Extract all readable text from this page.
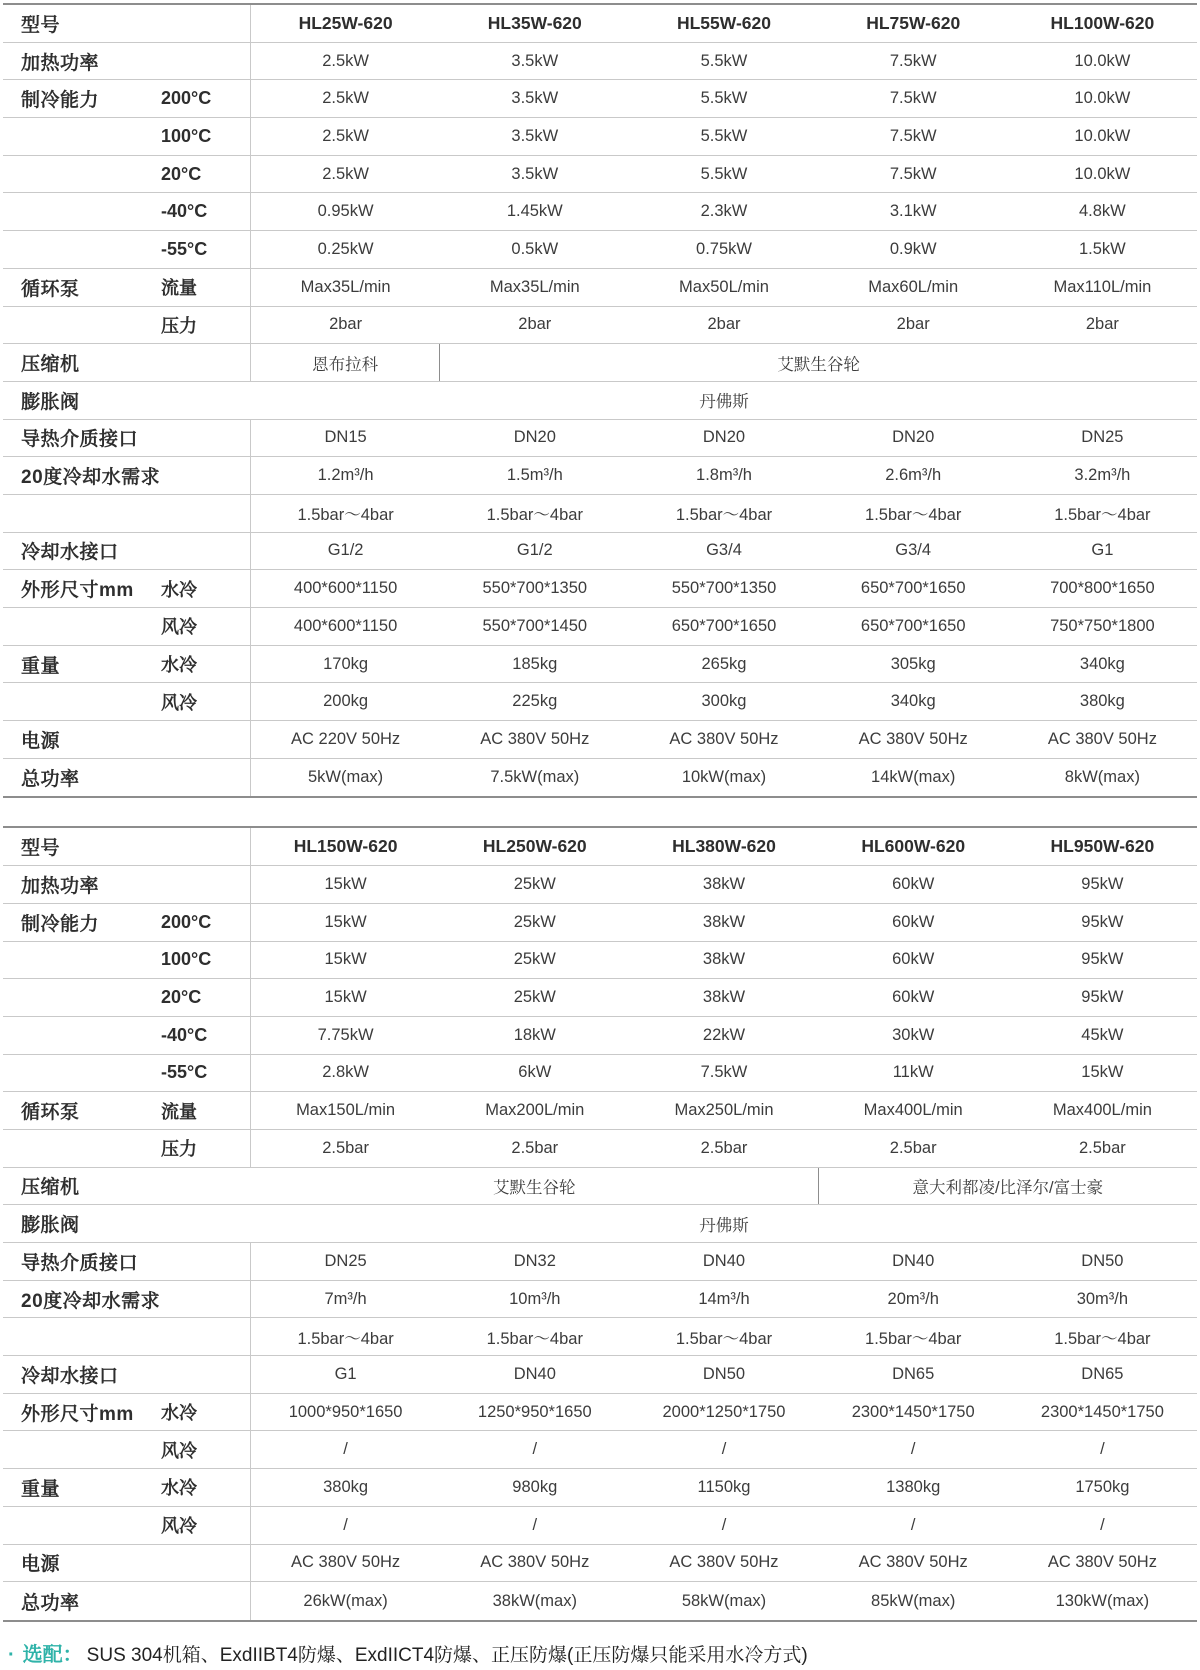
型号	HL25W-620	HL35W-620	HL55W-620	HL75W-620	HL100W-620
加热功率	2.5kW	3.5kW	5.5kW	7.5kW	10.0kW
制冷能力	200°C	2.5kW	3.5kW	5.5kW	7.5kW	10.0kW
100°C	2.5kW	3.5kW	5.5kW	7.5kW	10.0kW
20°C	2.5kW	3.5kW	5.5kW	7.5kW	10.0kW
-40°C	0.95kW	1.45kW	2.3kW	3.1kW	4.8kW
-55°C	0.25kW	0.5kW	0.75kW	0.9kW	1.5kW
循环泵	流量	Max35L/min	Max35L/min	Max50L/min	Max60L/min	Max110L/min
压力	2bar	2bar	2bar	2bar	2bar
压缩机	恩布拉科	艾默生谷轮
膨胀阀	丹佛斯
导热介质接口	DN15	DN20	DN20	DN20	DN25
20度冷却水需求	1.2m³/h	1.5m³/h	1.8m³/h	2.6m³/h	3.2m³/h
1.5bar～4bar	1.5bar～4bar	1.5bar～4bar	1.5bar～4bar	1.5bar～4bar
冷却水接口	G1/2	G1/2	G3/4	G3/4	G1
外形尺寸mm 水冷	400*600*1150	550*700*1350	550*700*1350	650*700*1650	700*800*1650
风冷	400*600*1150	550*700*1450	650*700*1650	650*700*1650	750*750*1800
重量	水冷	170kg	185kg	265kg	305kg	340kg
风冷	200kg	225kg	300kg	340kg	380kg
电源	AC 220V 50Hz	AC 380V 50Hz	AC 380V 50Hz	AC 380V 50Hz	AC 380V 50Hz
总功率	5kW(max)	7.5kW(max)	10kW(max)	14kW(max)	8kW(max)
型号	HL150W-620	HL250W-620	HL380W-620	HL600W-620	HL950W-620
加热功率	15kW	25kW	38kW	60kW	95kW
制冷能力	200°C	15kW	25kW	38kW	60kW	95kW
100°C	15kW	25kW	38kW	60kW	95kW
20°C	15kW	25kW	38kW	60kW	95kW
-40°C	7.75kW	18kW	22kW	30kW	45kW
-55°C	2.8kW	6kW	7.5kW	11kW	15kW
循环泵	流量	Max150L/min	Max200L/min	Max250L/min	Max400L/min	Max400L/min
压力	2.5bar	2.5bar	2.5bar	2.5bar	2.5bar
压缩机	艾默生谷轮	意大利都凌/比泽尔/富士豪
膨胀阀	丹佛斯
导热介质接口	DN25	DN32	DN40	DN40	DN50
20度冷却水需求	7m³/h	10m³/h	14m³/h	20m³/h	30m³/h
1.5bar～4bar	1.5bar～4bar	1.5bar～4bar	1.5bar～4bar	1.5bar～4bar
冷却水接口	G1	DN40	DN50	DN65	DN65
外形尺寸mm 水冷	1000*950*1650	1250*950*1650	2000*1250*1750	2300*1450*1750	2300*1450*1750
风冷	/	/	/	/	/
重量	水冷	380kg	980kg	1150kg	1380kg	1750kg
风冷	/	/	/	/	/
电源	AC 380V 50Hz	AC 380V 50Hz	AC 380V 50Hz	AC 380V 50Hz	AC 380V 50Hz
总功率	26kW(max)	38kW(max)	58kW(max)	85kW(max)	130kW(max)
· 选配： SUS 304机箱、ExdIIBT4防爆、ExdIICT4防爆、正压防爆(正压防爆只能采用水冷方式)
